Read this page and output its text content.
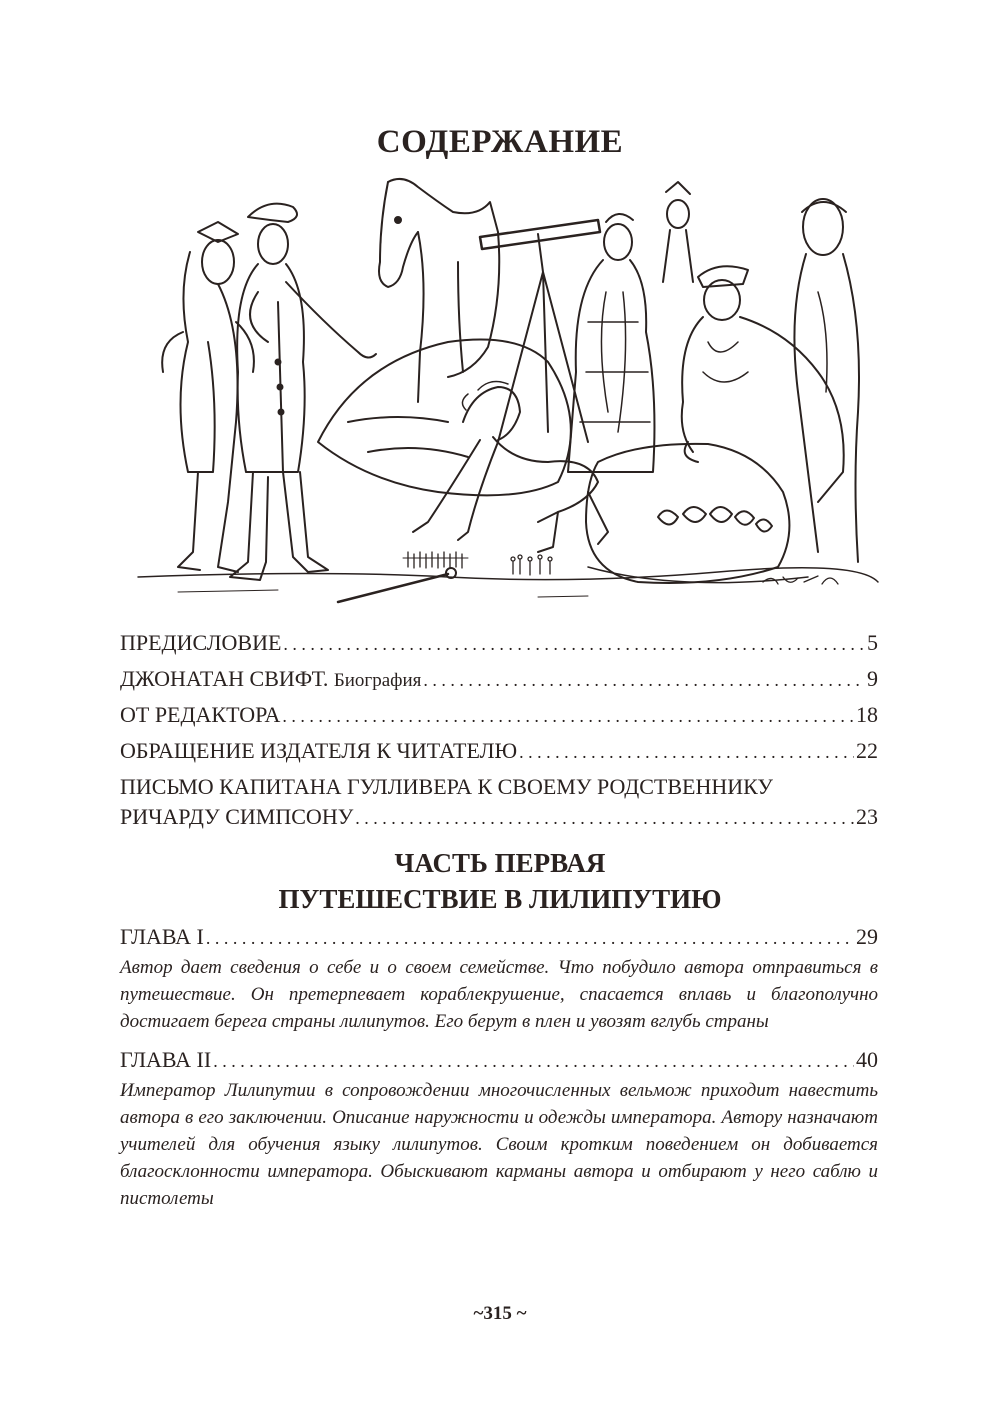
СОДЕРЖАНИЕ
ПРЕДИСЛОВИЕ . . .	5
ДЖОНАТАН СВИФТ. Биография . . .	9
ОТ РЕДАКТОРА . . .	18
ОБРАЩЕНИЕ ИЗДАТЕЛЯ К ЧИТАТЕЛЮ . . .	22
ПИСЬМО КАПИТАНА ГУЛЛИВЕРА К СВОЕМУ РОДСТВЕННИКУ
РИЧАРДУ СИМПСОНУ . . .	23
ЧАСТЬ ПЕРВАЯ
ПУТЕШЕСТВИЕ В ЛИЛИПУТИЮ
ГЛАВА I . . .	29
Автор дает сведения о себе и о своем семействе. Что побудило автора отправиться в путешествие. Он претерпевает кораблекрушение, спасается вплавь и благополучно достигает берега страны лилипутов. Его берут в плен и увозят вглубь страны
ГЛАВА II . . .	40
Император Лилипутии в сопровождении многочисленных вельмож приходит навестить автора в его заключении. Описание наружности и одежды императора. Автору назначают учителей для обучения языку лилипутов. Своим кротким поведением он добивается благосклонности императора. Обыскивают карманы автора и отбирают у него саблю и пистолеты
~315 ~
